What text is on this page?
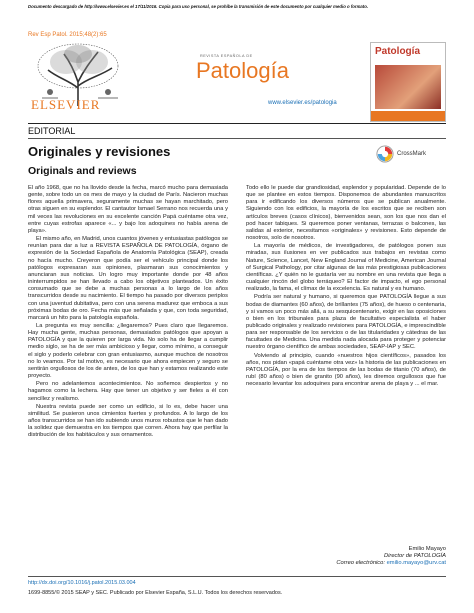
Documento descargado de http://www.elsevier.es el 17/11/2016. Copia para uso personal, se prohíbe la transmisión de este documento por cualquier medio o formato.
Rev Esp Patol. 2015;48(2):65
ELSEVIER
REVISTA ESPAÑOLA DE
Patología
www.elsevier.es/patologia
Patología
EDITORIAL
Originales y revisiones
Originals and reviews
CrossMark

El año 1968, que no ha llovido desde la fecha, marcó mucho para demasiada gente, sobre todo un os mes de mayo y la ciudad de París. Nacieron muchas flores aquella primavera, seguramente muchas se hayan marchitado, pero otras siguen en su esplendor. El cantautor Ismael Serrano nos recuerda una y mil veces las revoluciones en su excelente canción Papá cuéntame otra vez, entre cuyas estrofas aparece «... y bajo los adoquines no había arena de playa».

El mismo año, en Madrid, unos cuantos jóvenes y entusiastas patólogos se reunían para dar a luz a REVISTA ESPAÑOLA DE PATOLOGÍA, órgano de expresión de la Sociedad Española de Anatomía Patológica (SEAP), creada no hacía mucho. Creyeron que podía ser el vehículo principal donde los patólogos expresaran sus opiniones, plasmaran sus conocimientos y anunciaran sus noticias. Un logro muy importante donde por 48 años ininterrumpidos se han llevado a cabo los objetivos planteados. Un éxito consumado que se debe a muchas personas a lo largo de los años transcurridos desde su nacimiento. El tiempo ha pasado por diversos periplos con una juventud dubitativa, pero con una serena madurez que emboca a sus próximas bodas de oro. Fecha más que señalada y que, con toda seguridad, marcará un hito para la patología española.

La pregunta es muy sencilla: ¿llegaremos? Pues claro que llegaremos. Hay mucha gente, muchas personas, demasiados patólogos que apoyan a PATOLOGÍA y que la quieren por larga vida. No solo ha de llegar a cumplir medio siglo, se ha de ser más ambicioso y llegar, como mínimo, a conseguir el siglo y poderlo celebrar con gran entusiasmo, aunque muchos de nosotros no lo veamos. Por tal motivo, es necesario que ahora empiecen y seguro se sentirán orgullosos de los de antes, de los que han y estamos realizando este proyecto.

Pero no adelantemos acontecimientos. No soñemos despiertos y no hagamos como la lechera. Hay que tener un objetivo y ser fieles a él con sencillez y realismo.

Nuestra revista puede ser como un edificio, si lo es, debe hacer una similitud. Se pusieron unos cimientos fuertes y profundos. A lo largo de los años transcurridos se han ido subiendo unos muros robustos que le han dado la solidez que demuestra en los tiempos que corren. Ahora hay que perfilar la distribución de los habitáculos y sus ornamentos.

Todo ello le puede dar grandiosidad, esplendor y popularidad. Depende de lo que se plantee en estos tiempos. Disponemos de abundantes manuscritos para ir edificando los diversos números que se publican anualmente. Siguiendo con los edificios, la mayoría de los escritos que se reciben son artículos breves (casos clínicos), bienvenidos sean, son los que nos dan el pod hacer tabiques. Si queremos poner ventanas, terrazas o balcones, las salidas al exterior, necesitamos «originales» y revisiones. Esto depende de nosotros, solo de nosotros.

La mayoría de médicos, de investigadores, de patólogos ponen sus miradas, sus ilusiones en ver publicados sus trabajos en revistas como Nature, Science, Lancet, New England Journal of Medicine, American Journal of Surgical Pathology, por citar algunas de las más prestigiosas publicaciones científicas. ¿Y quién no le gustaría ver su nombre en una revista que llega a cualquier rincón del globo terráqueo? El factor de impacto, el ego personal realizado, la fama, el clímax de la excelencia. Es natural y es humano.

Podría ser natural y humano, si queremos que PATOLOGÍA llegue a sus bodas de diamantes (60 años), de brillantes (75 años), de hueso o centenaria, y si vamos un poco más allá, a su sesquicentenario, exigir en las oposiciones o bien en los tribunales para plaza de facultativo especialista el haber publicado originales y realizado revisiones para PATOLOGÍA, e imprescindible para ser responsable de los servicios o de las titularidades y cátedras de las facultades de Medicina. Una medida nada alocada para proteger y potenciar nuestro órgano científico de ambas sociedades, SEAP-IAP y SEC.

Volviendo al principio, cuando «nuestros hijos científicos», pasados los años, nos pidan «papá cuéntame otra vez» la historia de las publicaciones en PATOLOGÍA, por la era de los tiempos de las bodas de titanio (70 años), de rubí (80 años) o bien de granito (90 años), les diremos orgullosos que fue necesario levantar los adoquines para encontrar arena de playa y ... el mar.

Emilio Mayayo
Director de PATOLOGÍA
Correo electrónico: emilio.mayayo@urv.cat
http://dx.doi.org/10.1016/j.patol.2015.03.004
1699-8855/© 2015 SEAP y SEC. Publicado por Elsevier España, S.L.U. Todos los derechos reservados.
